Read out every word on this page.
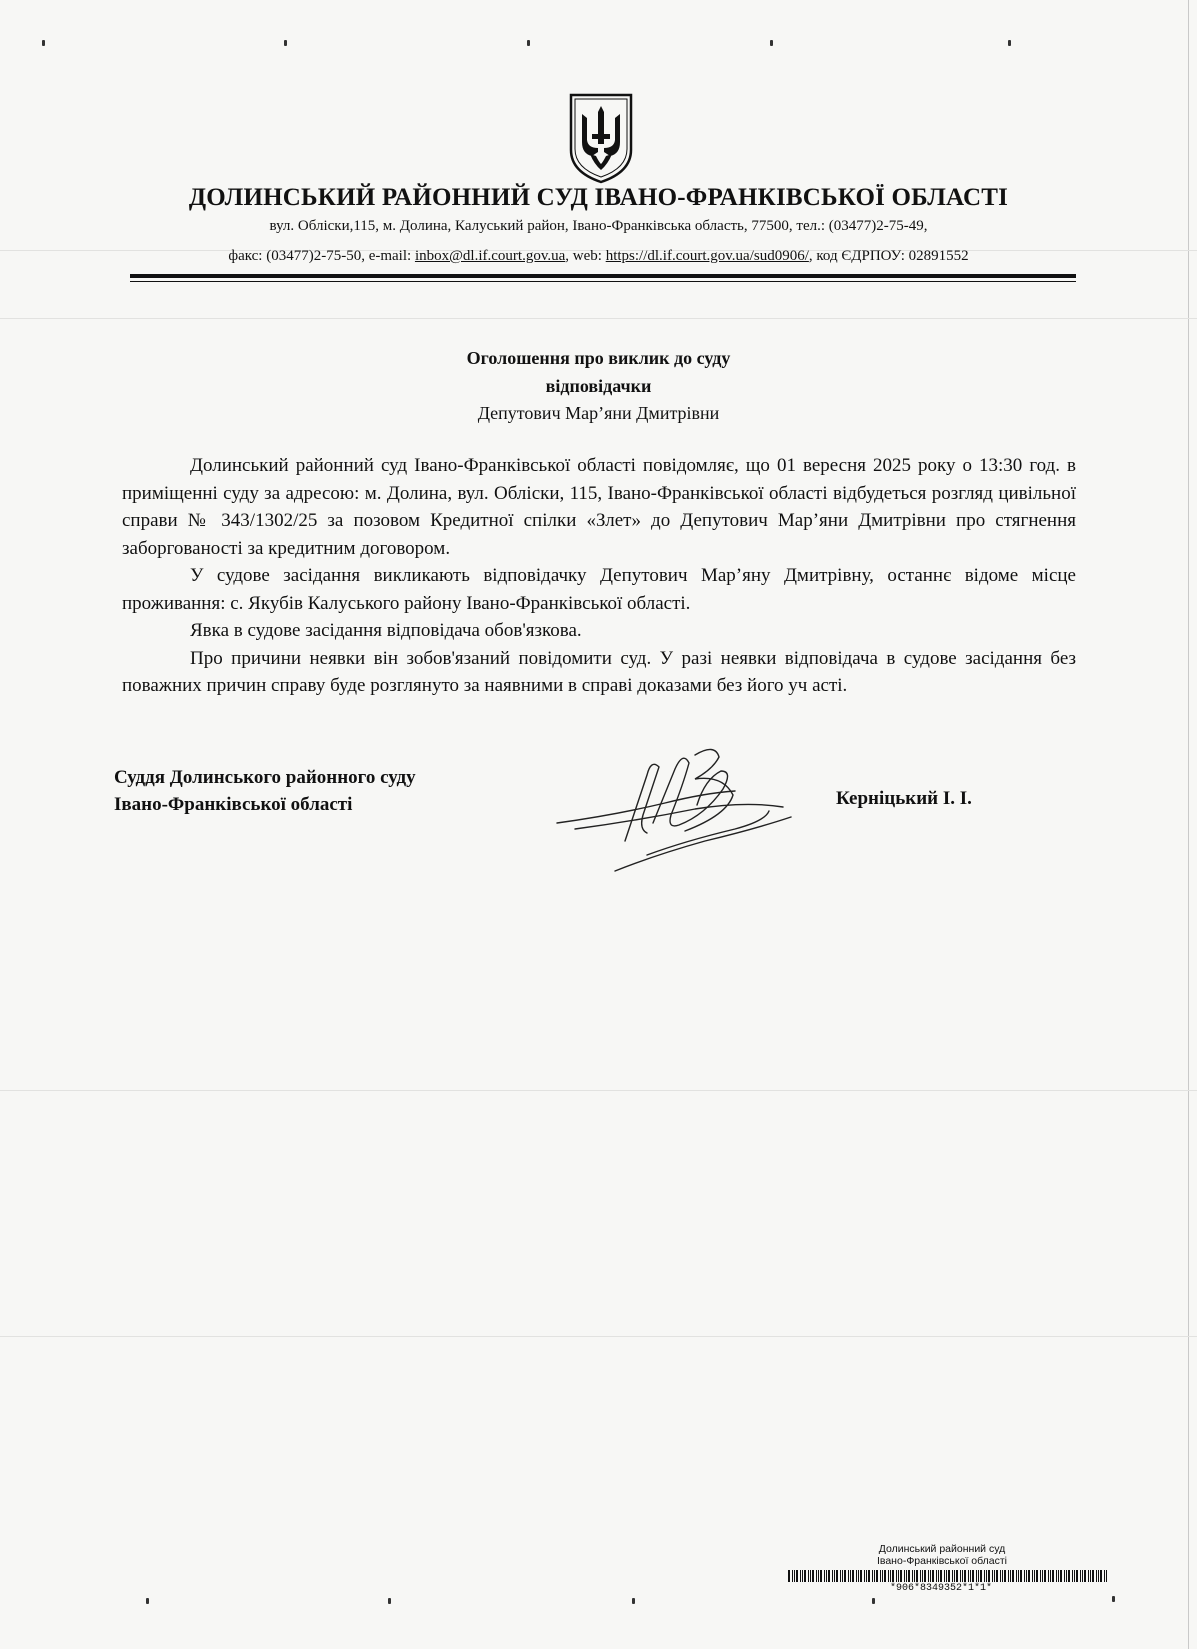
ДОЛИНСЬКИЙ РАЙОННИЙ СУД ІВАНО-ФРАНКІВСЬКОЇ ОБЛАСТІ
вул. Обліски,115, м. Долина, Калуський район, Івано-Франківська область, 77500, тел.: (03477)2-75-49,
факс: (03477)2-75-50, e-mail: inbox@dl.if.court.gov.ua, web: https://dl.if.court.gov.ua/sud0906/, код ЄДРПОУ: 02891552
Оголошення про виклик до суду
відповідачки
Депутович Мар’яни Дмитрівни

Долинський районний суд Івано-Франківської області повідомляє, що 01 вересня 2025 року о 13:30 год. в приміщенні суду за адресою: м. Долина, вул. Обліски, 115, Івано-Франківської області відбудеться розгляд цивільної справи № 343/1302/25 за позовом Кредитної спілки «Злет» до Депутович Мар’яни Дмитрівни про стягнення заборгованості за кредитним договором.

У судове засідання викликають відповідачку Депутович Мар’яну Дмитрівну, останнє відоме місце проживання: с. Якубів Калуського району Івано-Франківської області.

Явка в судове засідання відповідача обов'язкова.

Про причини неявки він зобов'язаний повідомити суд. У разі неявки відповідача в судове засідання без поважних причин справу буде розглянуто за наявними в справі доказами без його уч асті.

Суддя Долинського районного суду
Івано-Франківської області	Керніцький І. І.
Долинський районний суд
Івано-Франківської області
*906*8349352*1*1*
